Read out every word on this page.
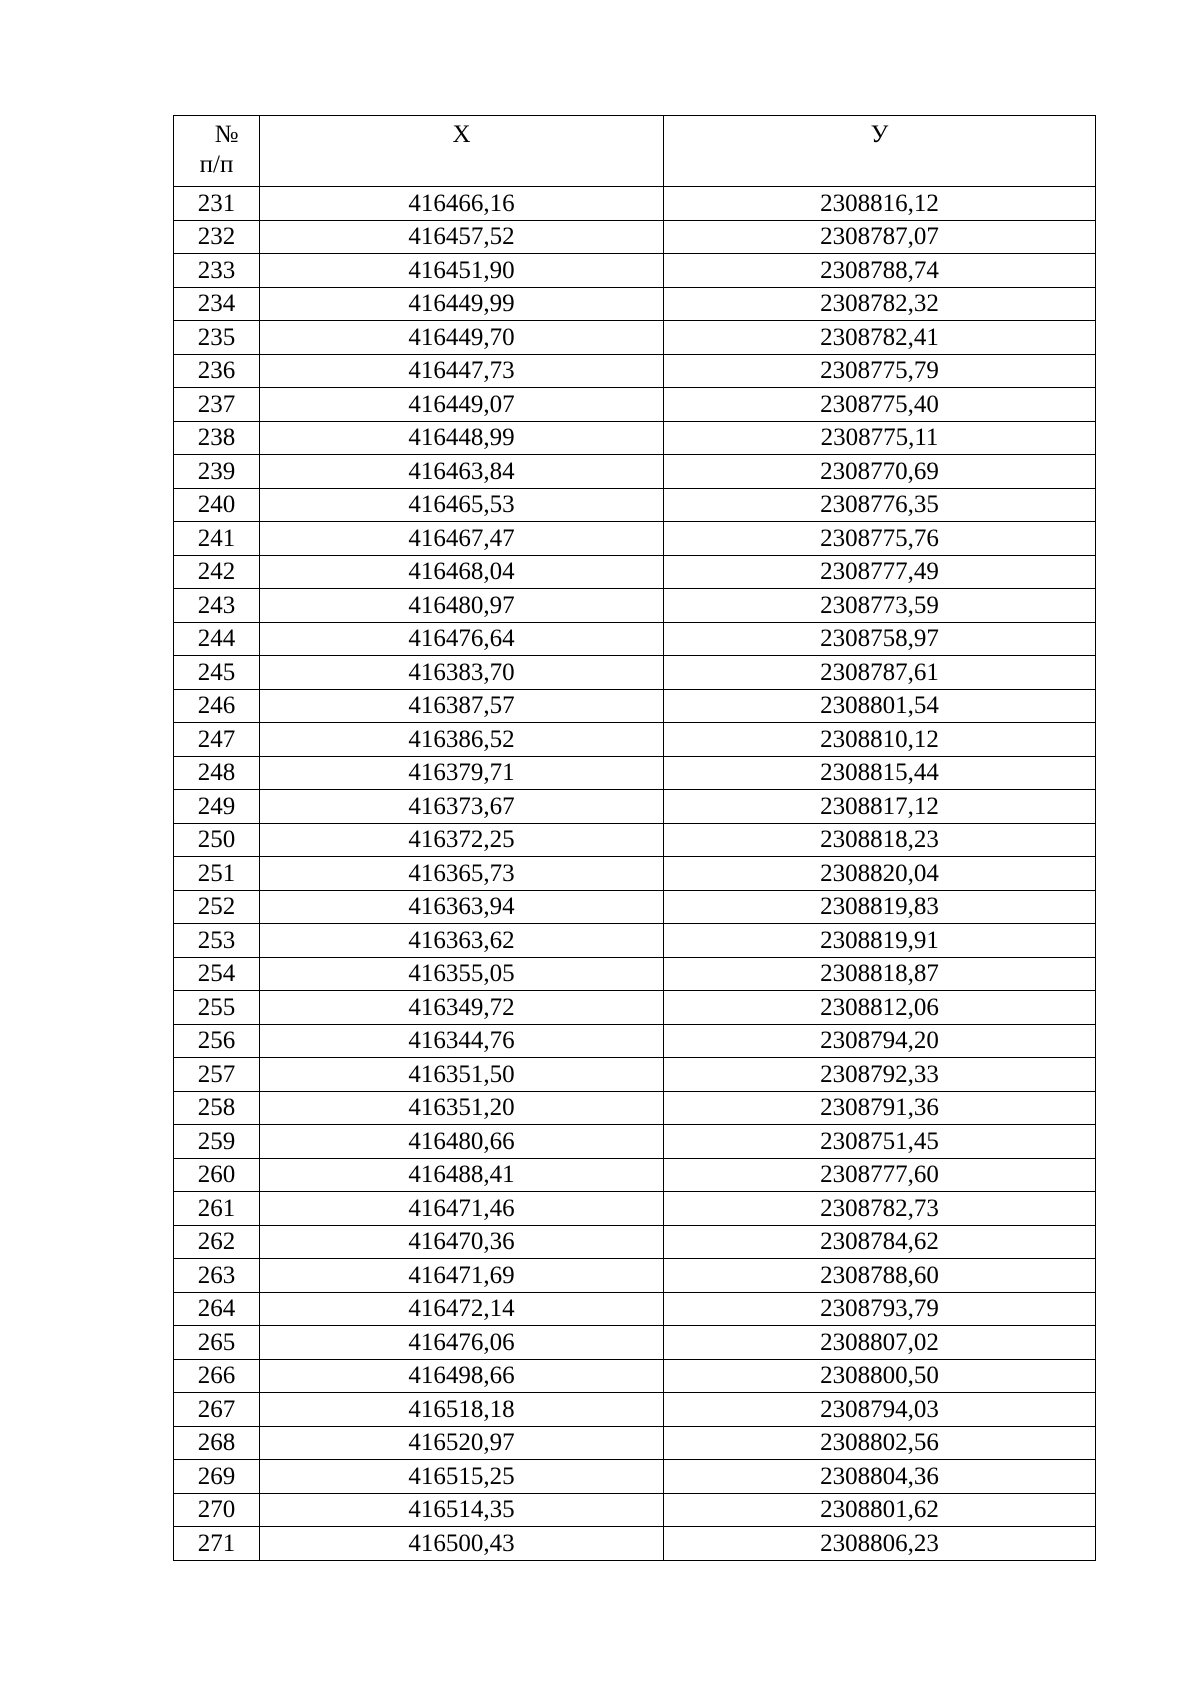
№
п/п	Х	У
231	416466,16	2308816,12
232	416457,52	2308787,07
233	416451,90	2308788,74
234	416449,99	2308782,32
235	416449,70	2308782,41
236	416447,73	2308775,79
237	416449,07	2308775,40
238	416448,99	2308775,11
239	416463,84	2308770,69
240	416465,53	2308776,35
241	416467,47	2308775,76
242	416468,04	2308777,49
243	416480,97	2308773,59
244	416476,64	2308758,97
245	416383,70	2308787,61
246	416387,57	2308801,54
247	416386,52	2308810,12
248	416379,71	2308815,44
249	416373,67	2308817,12
250	416372,25	2308818,23
251	416365,73	2308820,04
252	416363,94	2308819,83
253	416363,62	2308819,91
254	416355,05	2308818,87
255	416349,72	2308812,06
256	416344,76	2308794,20
257	416351,50	2308792,33
258	416351,20	2308791,36
259	416480,66	2308751,45
260	416488,41	2308777,60
261	416471,46	2308782,73
262	416470,36	2308784,62
263	416471,69	2308788,60
264	416472,14	2308793,79
265	416476,06	2308807,02
266	416498,66	2308800,50
267	416518,18	2308794,03
268	416520,97	2308802,56
269	416515,25	2308804,36
270	416514,35	2308801,62
271	416500,43	2308806,23
